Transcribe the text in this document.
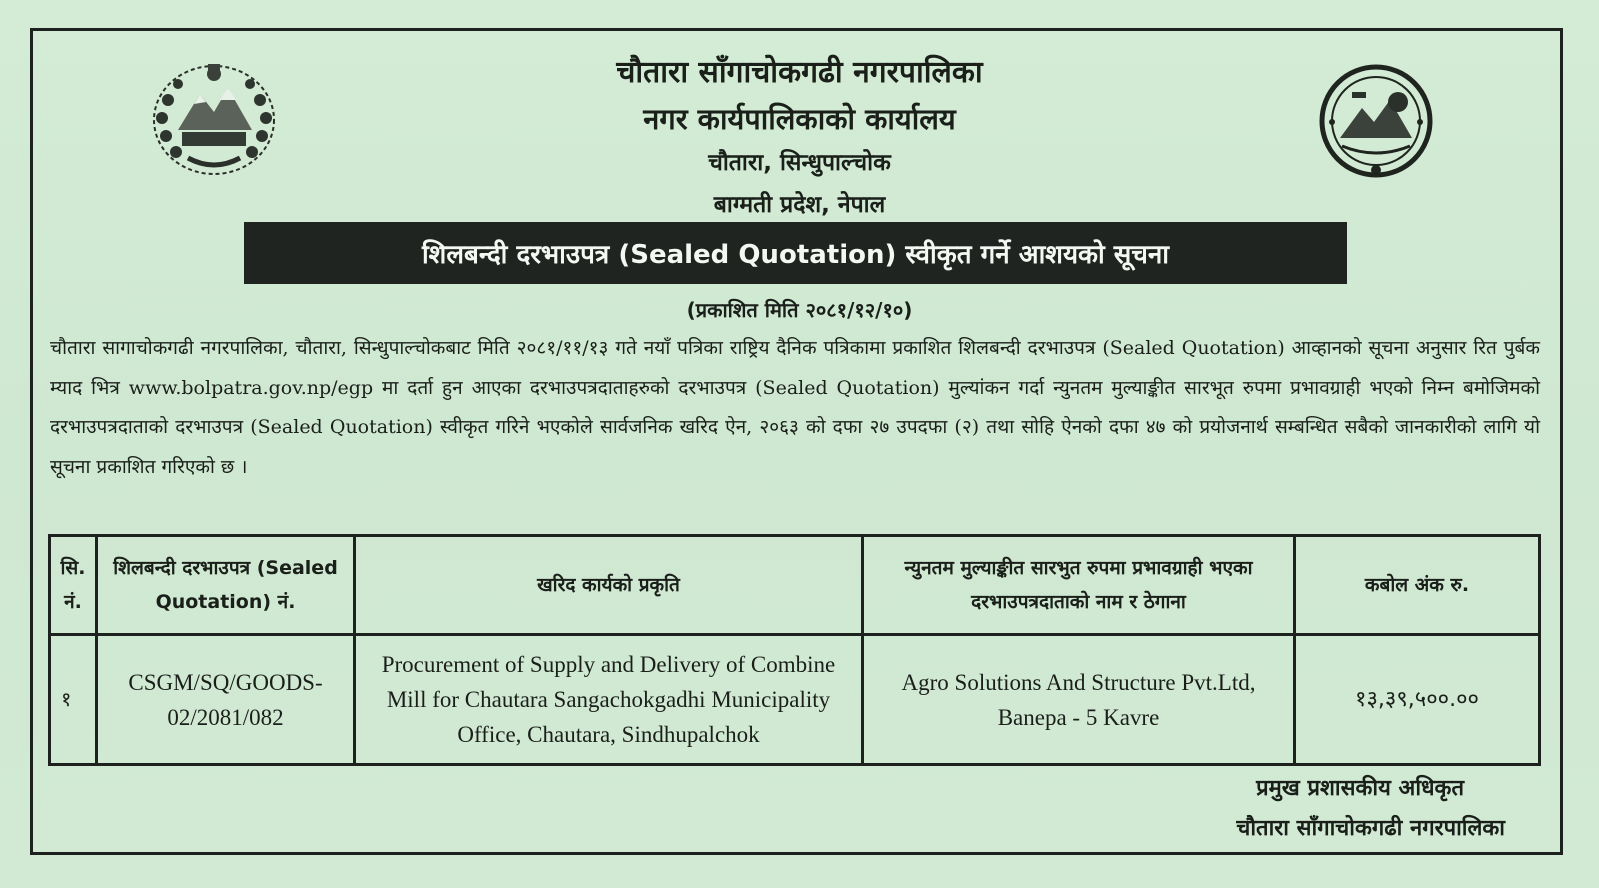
चौतारा साँगाचोकगढी नगरपालिका
नगर कार्यपालिकाको कार्यालय
चौतारा, सिन्धुपाल्चोक
बाग्मती प्रदेश, नेपाल
शिलबन्दी दरभाउपत्र (Sealed Quotation) स्वीकृत गर्ने आशयको सूचना
(प्रकाशित मिति २०८१/१२/१०)
चौतारा सागाचोकगढी नगरपालिका, चौतारा, सिन्धुपाल्चोकबाट मिति २०८१/११/१३ गते नयाँ पत्रिका राष्ट्रिय दैनिक पत्रिकामा प्रकाशित शिलबन्दी दरभाउपत्र (Sealed Quotation) आव्हानको सूचना अनुसार रित पुर्बक म्याद भित्र www.bolpatra.gov.np/egp मा दर्ता हुन आएका दरभाउपत्रदाताहरुको दरभाउपत्र (Sealed Quotation) मुल्यांकन गर्दा न्युनतम मुल्याङ्कीत सारभूत रुपमा प्रभावग्राही भएको निम्न बमोजिमको दरभाउपत्रदाताको दरभाउपत्र (Sealed Quotation) स्वीकृत गरिने भएकोले सार्वजनिक खरिद ऐन, २०६३ को दफा २७ उपदफा (२) तथा सोहि ऐनको दफा ४७ को प्रयोजनार्थ सम्बन्धित सबैको जानकारीको लागि यो सूचना प्रकाशित गरिएको छ ।
सि. नं.	शिलबन्दी दरभाउपत्र (Sealed Quotation) नं.	खरिद कार्यको प्रकृति	न्युनतम मुल्याङ्कीत सारभुत रुपमा प्रभावग्राही भएका दरभाउपत्रदाताको नाम र ठेगाना	कबोल अंक रु.
१	CSGM/SQ/GOODS-02/2081/082	Procurement of Supply and Delivery of Combine Mill for Chautara Sangachokgadhi Municipality Office, Chautara, Sindhupalchok	Agro Solutions And Structure Pvt.Ltd, Banepa - 5 Kavre	१३,३९,५००.००
प्रमुख प्रशासकीय अधिकृत
चौतारा साँगाचोकगढी नगरपालिका
